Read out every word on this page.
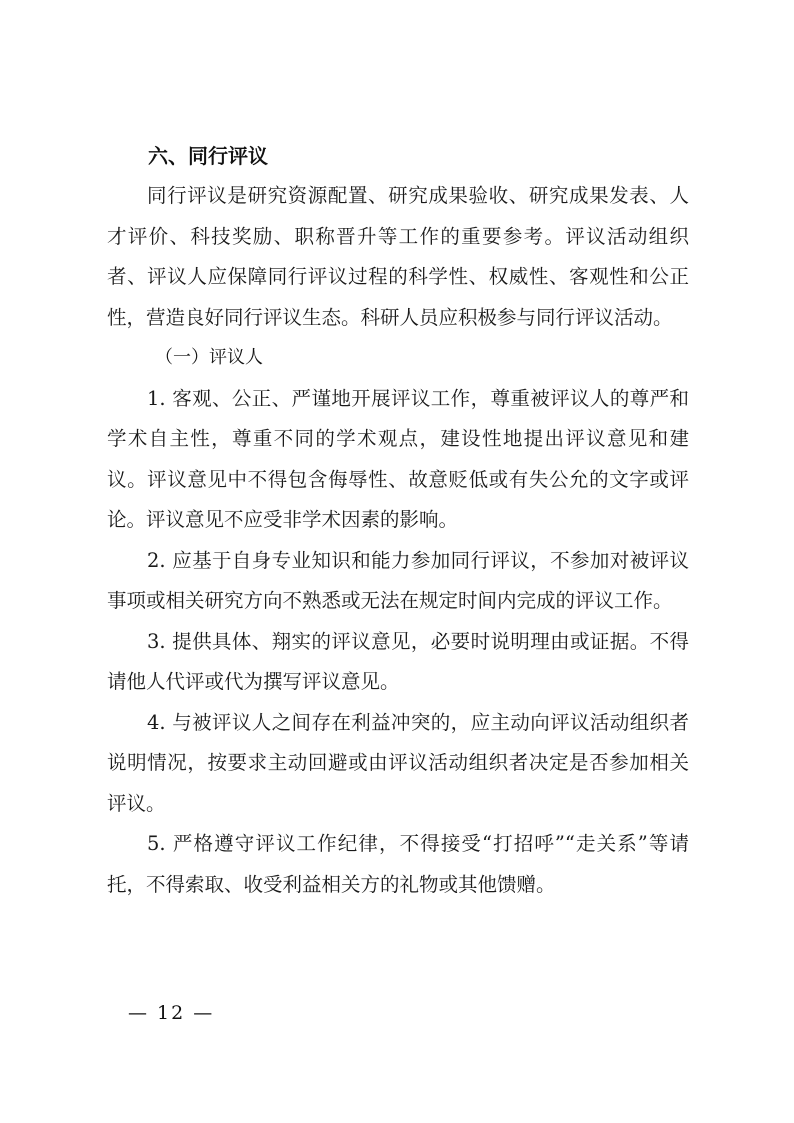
六、同行评议

同行评议是研究资源配置、研究成果验收、研究成果发表、人才评价、科技奖励、职称晋升等工作的重要参考。评议活动组织者、评议人应保障同行评议过程的科学性、权威性、客观性和公正性，营造良好同行评议生态。科研人员应积极参与同行评议活动。

（一）评议人

1. 客观、公正、严谨地开展评议工作，尊重被评议人的尊严和学术自主性，尊重不同的学术观点，建设性地提出评议意见和建议。评议意见中不得包含侮辱性、故意贬低或有失公允的文字或评论。评议意见不应受非学术因素的影响。

2. 应基于自身专业知识和能力参加同行评议，不参加对被评议事项或相关研究方向不熟悉或无法在规定时间内完成的评议工作。

3. 提供具体、翔实的评议意见，必要时说明理由或证据。不得请他人代评或代为撰写评议意见。

4. 与被评议人之间存在利益冲突的，应主动向评议活动组织者说明情况，按要求主动回避或由评议活动组织者决定是否参加相关评议。

5. 严格遵守评议工作纪律，不得接受“打招呼”“走关系”等请托，不得索取、收受利益相关方的礼物或其他馈赠。

— 12 —
